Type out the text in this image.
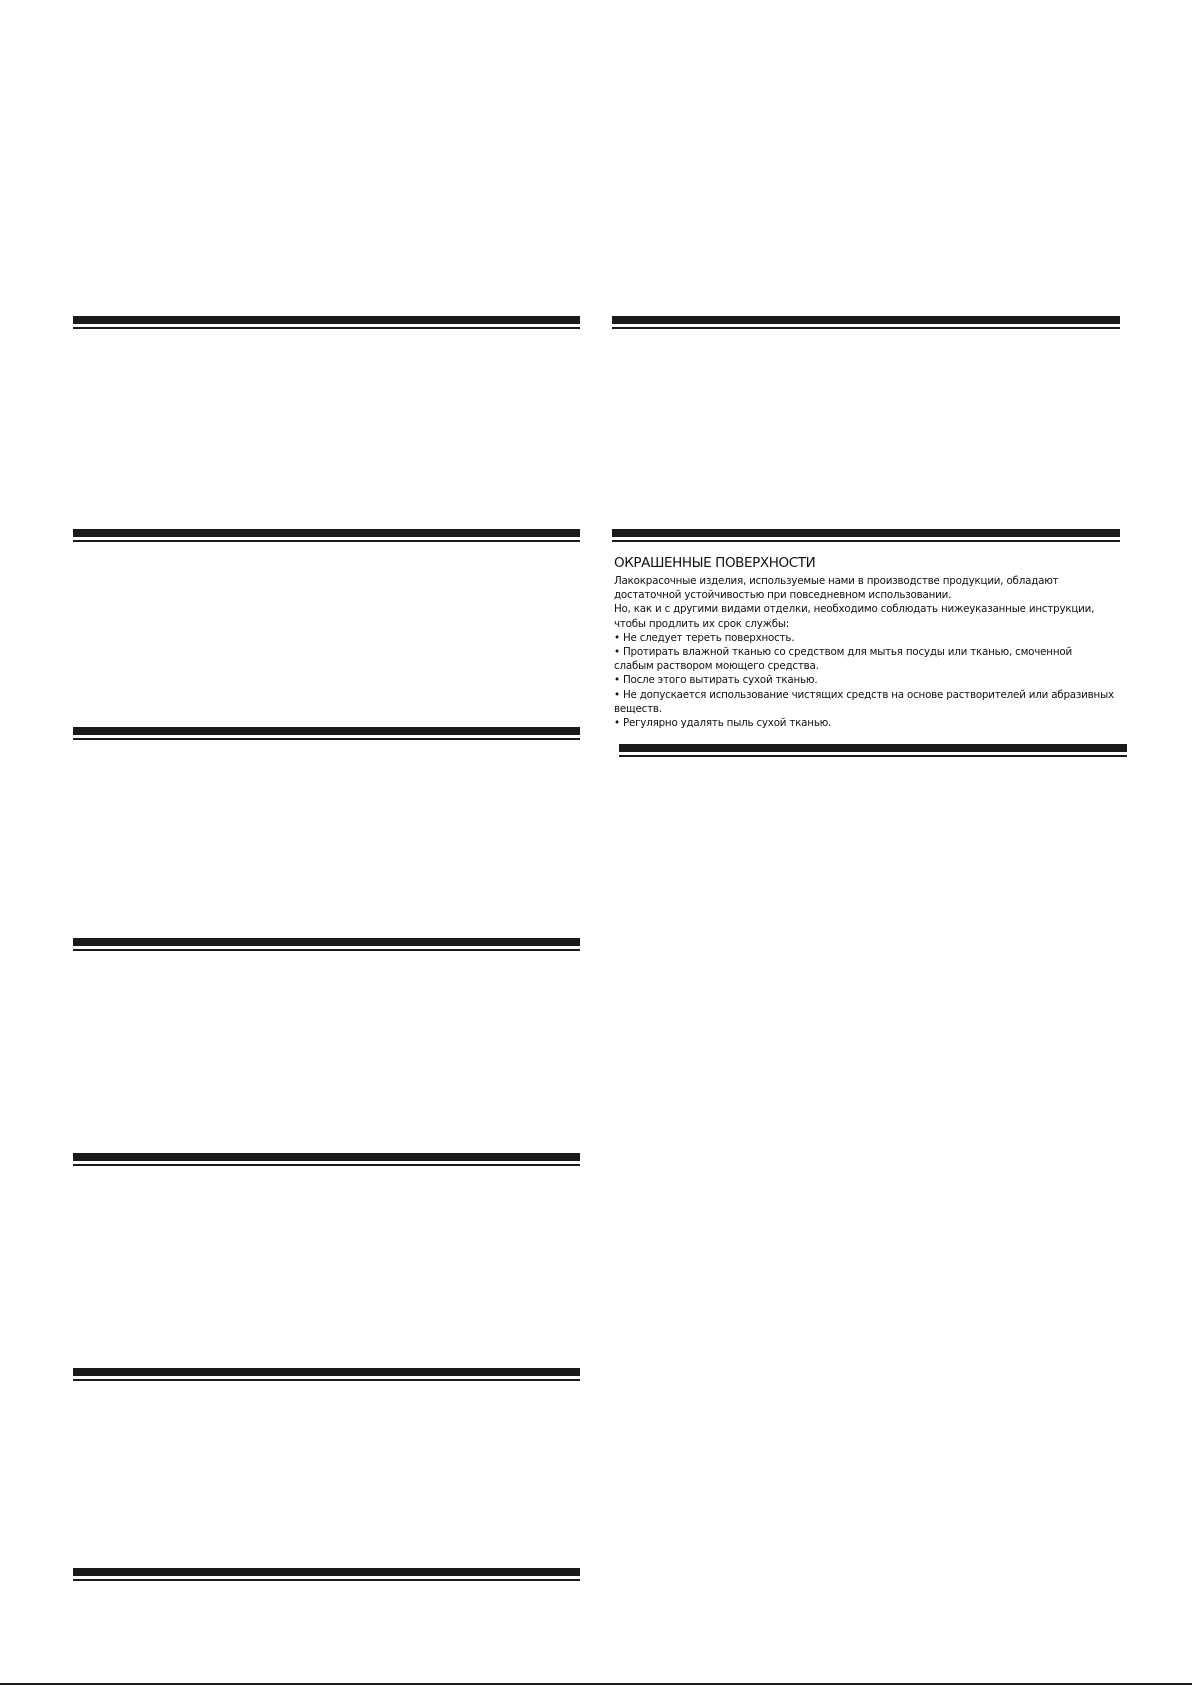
ОКРАШЕННЫЕ ПОВЕРХНОСТИ

Лакокрасочные изделия, используемые нами в производстве продукции, обладают достаточной устойчивостью при повседневном использовании.

Но, как и с другими видами отделки, необходимо соблюдать нижеуказанные инструкции, чтобы продлить их срок службы:

• Не следует тереть поверхность.
• Протирать влажной тканью со средством для мытья посуды или тканью, смоченной слабым раствором моющего средства.
• После этого вытирать сухой тканью.
• Не допускается использование чистящих средств на основе растворителей или абразивных веществ.
• Регулярно удалять пыль сухой тканью.
